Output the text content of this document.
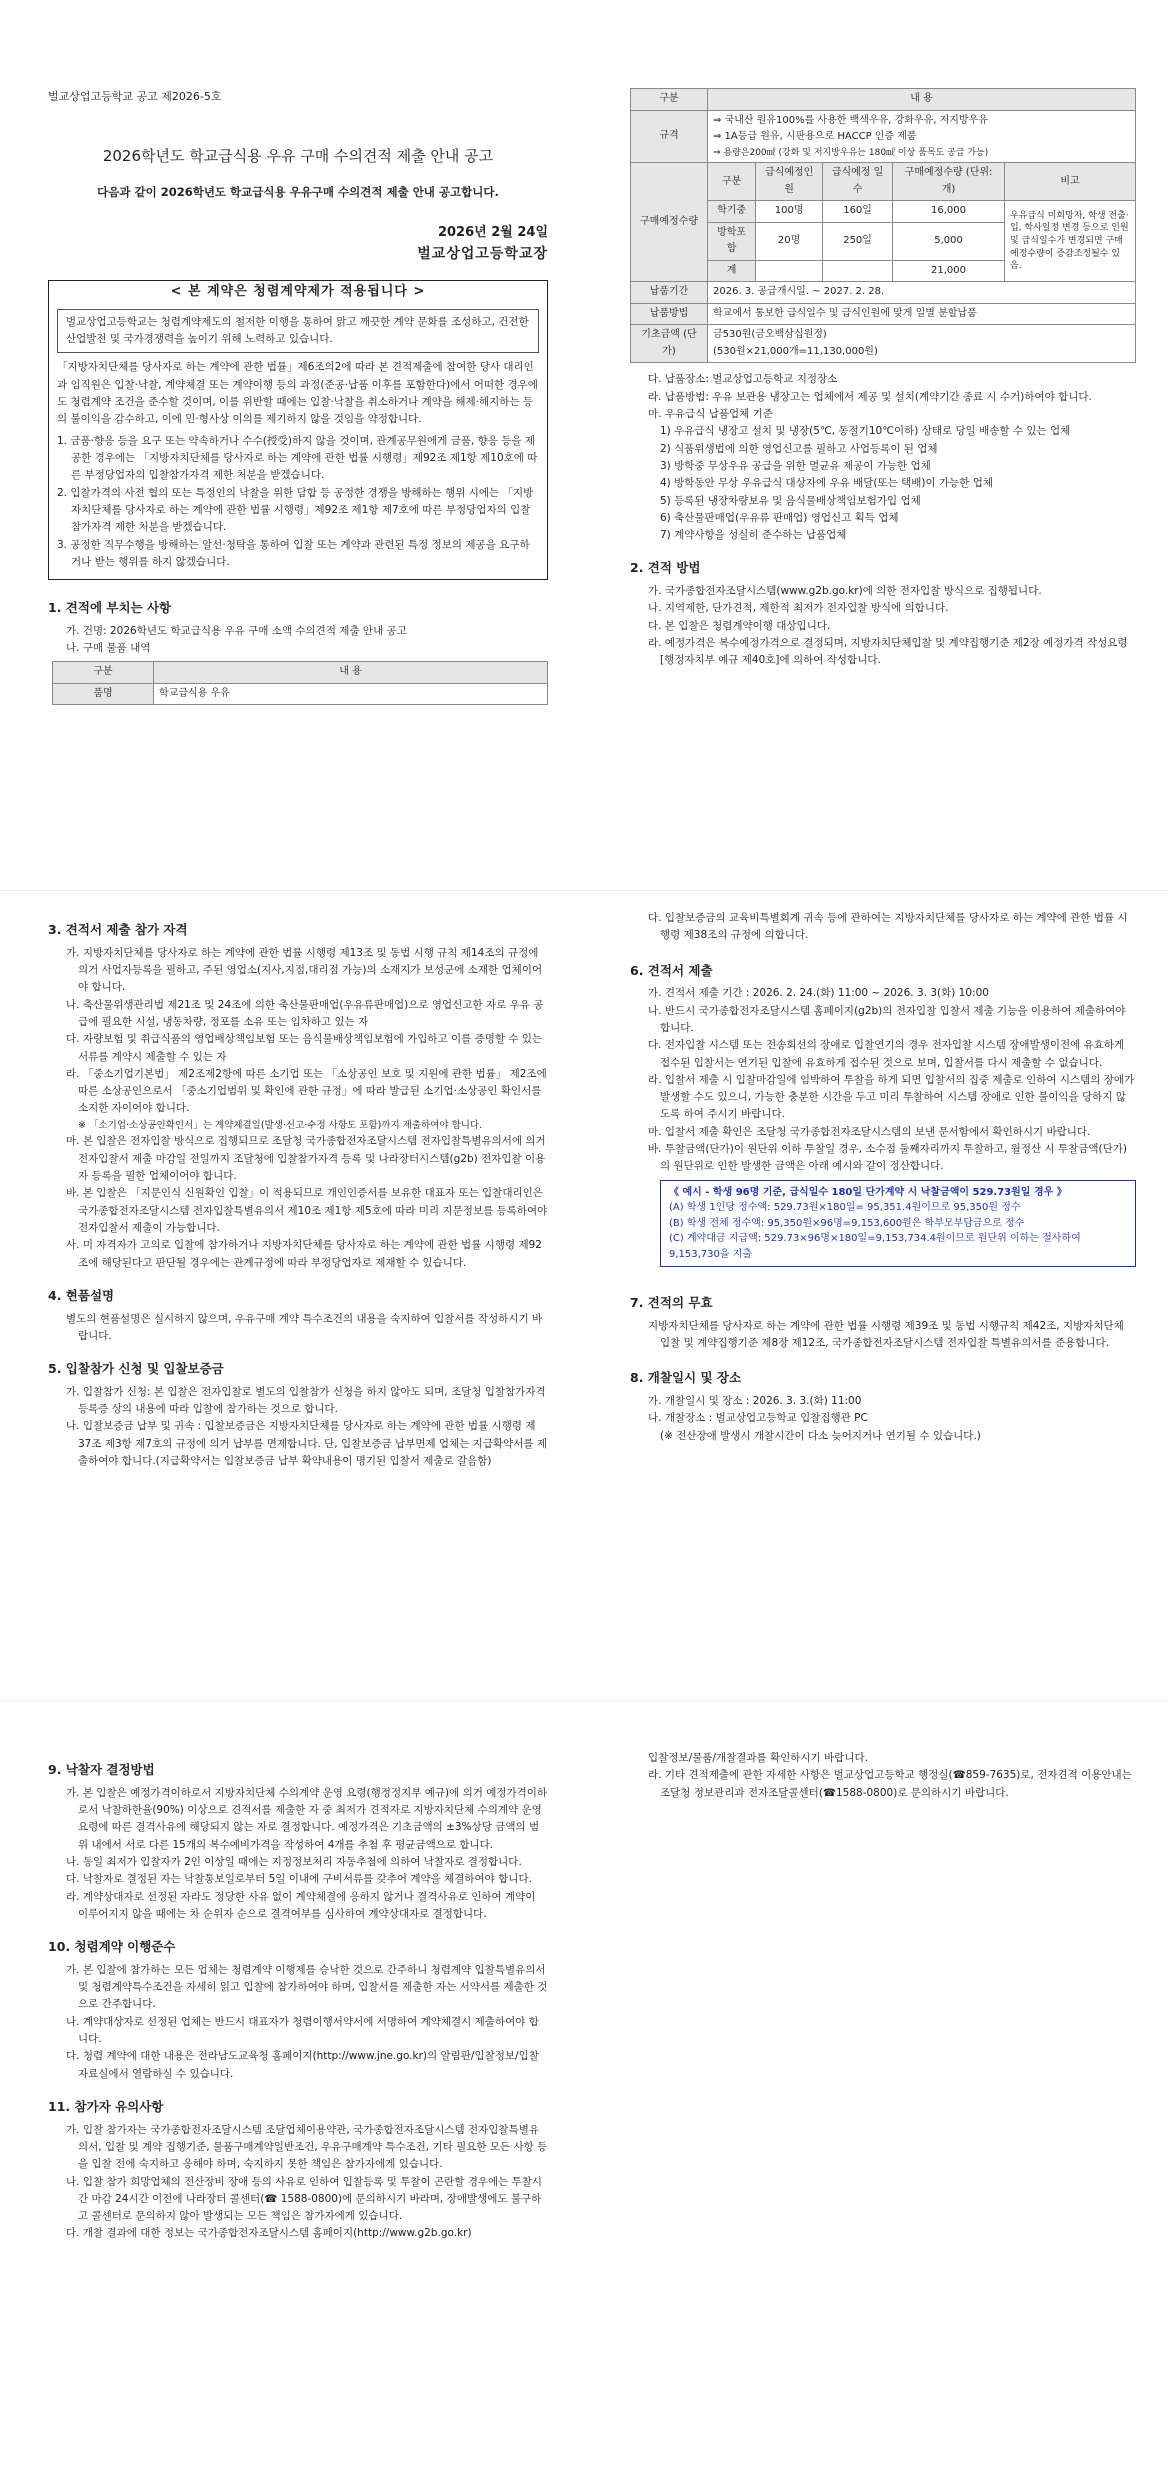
벌교상업고등학교 공고 제2026-5호

2026학년도 학교급식용 우유 구매 수의견적 제출 안내 공고

다음과 같이 2026학년도 학교급식용 우유구매 수의견적 제출 안내 공고합니다.

2026년 2월 24일

벌교상업고등학교장

< 본 계약은 청렴계약제가 적용됩니다 >

벌교상업고등학교는 청렴계약제도의 철저한 이행을 통하여 맑고 깨끗한 계약 문화를 조성하고, 건전한 산업발전 및 국가경쟁력을 높이기 위해 노력하고 있습니다.

「지방자치단체를 당사자로 하는 계약에 관한 법률」제6조의2에 따라 본 견적제출에 참여한 당사 대리인과 임직원은 입찰·낙찰, 계약체결 또는 계약이행 등의 과정(준공·납품 이후를 포함한다)에서 어떠한 경우에도 청렴계약 조건을 준수할 것이며, 이를 위반할 때에는 입찰·낙찰을 취소하거나 계약을 해제·해지하는 등의 불이익을 감수하고, 이에 민·형사상 이의를 제기하지 않을 것임을 약정합니다.

1. 금품·향응 등을 요구 또는 약속하거나 수수(授受)하지 않을 것이며, 관계공무원에게 금품, 향응 등을 제공한 경우에는 「지방자치단체를 당사자로 하는 계약에 관한 법률 시행령」제92조 제1항 제10호에 따른 부정당업자의 입찰참가자격 제한 처분을 받겠습니다.

2. 입찰가격의 사전 협의 또는 특정인의 낙찰을 위한 담합 등 공정한 경쟁을 방해하는 행위 시에는 「지방자치단체를 당사자로 하는 계약에 관한 법률 시행령」제92조 제1항 제7호에 따른 부정당업자의 입찰참가자격 제한 처분을 받겠습니다.

3. 공정한 직무수행을 방해하는 알선·청탁을 통하여 입찰 또는 계약과 관련된 특정 정보의 제공을 요구하거나 받는 행위를 하지 않겠습니다.

1. 견적에 부치는 사항

가. 건명: 2026학년도 학교급식용 우유 구매 소액 수의견적 제출 안내 공고

나. 구매 물품 내역

구분	내 용
품명	학교급식용 우유
구분	내 용				
규격	⇒ 국내산 원유100%를 사용한 백색우유, 강화우유, 저지방우유

⇒ 1A등급 원유, 시판용으로 HACCP 인증 제품

⇒ 용량은200㎖ (강화 및 저지방우유는 180㎖ 이상 품목도 공급 가능)				

구매예정수량	구분	급식예정인원	급식예정 일수	구매예정수량 (단위: 개)	비고
	학기중	100명	160일	16,000	우유급식 미희망자, 학생 전출·입, 학사일정 변경 등으로 인원 및 급식일수가 변경되면 구매예정수량이 증감조정될수 있음.
	방학포함	20명	250일	5,000	
	계			21,000	
납품기간	2026. 3. 공급개시일. ~ 2027. 2. 28.				
납품방법	학교에서 통보한 급식일수 및 급식인원에 맞게 일별 분할납품				
기초금액 (단가)	금530원(금오백삼십원정)

(530원×21,000개=11,130,000원)				

다. 납품장소: 벌교상업고등학교 지정장소

라. 납품방법: 우유 보관용 냉장고는 업체에서 제공 및 설치(계약기간 종료 시 수거)하여야 합니다.

마. 우유급식 납품업체 기준

1) 우유급식 냉장고 설치 및 냉장(5℃, 동절기10℃이하) 상태로 당일 배송할 수 있는 업체

2) 식품위생법에 의한 영업신고를 필하고 사업등록이 된 업체

3) 방학중 무상우유 공급을 위한 멸균유 제공이 가능한 업체

4) 방학동안 무상 우유급식 대상자에 우유 배달(또는 택배)이 가능한 업체

5) 등록된 냉장차량보유 및 음식물배상책임보험가입 업체

6) 축산물판매업(우유류 판매업) 영업신고 획득 업체

7) 계약사항을 성실히 준수하는 납품업체

2. 견적 방법

가. 국가종합전자조달시스템(www.g2b.go.kr)에 의한 전자입찰 방식으로 집행됩니다.

나. 지역제한, 단가견적, 제한적 최저가 전자입찰 방식에 의합니다.

다. 본 입찰은 청렴계약이행 대상입니다.

라. 예정가격은 복수예정가격으로 결정되며, 지방자치단체입찰 및 계약집행기준 제2장 예정가격 작성요령[행정자치부 예규 제40호]에 의하여 작성합니다.

3. 견적서 제출 참가 자격

가. 지방자치단체를 당사자로 하는 계약에 관한 법률 시행령 제13조 및 동법 시행 규칙 제14조의 규정에 의거 사업자등록을 필하고, 주된 영업소(지사,지점,대리점 가능)의 소재지가 보성군에 소재한 업체이어야 합니다.

나. 축산물위생관리법 제21조 및 24조에 의한 축산물판매업(우유류판매업)으로 영업신고한 자로 우유 공급에 필요한 시설, 냉동차량, 정포를 소유 또는 임차하고 있는 자

다. 자량보험 및 취급식품의 영업배상책임보험 또는 음식물배상책임보험에 가입하고 이를 증명할 수 있는 서류를 계약시 제출할 수 있는 자

라. 「중소기업기본법」 제2조제2항에 따른 소기업 또는 「소상공인 보호 및 지원에 관한 법률」 제2조에 따른 소상공인으로서 「중소기업범위 및 확인에 관한 규정」에 따라 발급된 소기업·소상공인 확인서를 소지한 자이어야 합니다.

※ 「소기업·소상공인확인서」는 계약체결일(발생·신고·수정 사항도 포함)까지 제출하여야 합니다.

마. 본 입찰은 전자입찰 방식으로 집행되므로 조달청 국가종합전자조달시스템 전자입찰특별유의서에 의거 전자입찰서 제출 마감일 전일까지 조달청에 입찰참가자격 등록 및 나라장터시스템(g2b) 전자입찰 이용자 등록을 필한 업체이어야 합니다.

바. 본 입찰은 「지문인식 신원확인 입찰」이 적용되므로 개인인증서를 보유한 대표자 또는 입찰대리인은 국가종합전자조달시스템 전자입찰특별유의서 제10조 제1항 제5호에 따라 미리 지문정보를 등록하여야 전자입찰서 제출이 가능합니다.

사. 미 자격자가 고의로 입찰에 참가하거나 지방자치단체를 당사자로 하는 계약에 관한 법률 시행령 제92조에 해당된다고 판단될 경우에는 관계규정에 따라 부정당업자로 제재할 수 있습니다.

4. 현품설명

별도의 현품설명은 실시하지 않으며, 우유구매 계약 특수조건의 내용을 숙지하여 입찰서를 작성하시기 바랍니다.

5. 입찰참가 신청 및 입찰보증금

가. 입찰참가 신청: 본 입찰은 전자입찰로 별도의 입찰참가 신청을 하지 않아도 되며, 조달청 입찰참가자격등록증 상의 내용에 따라 입찰에 참가하는 것으로 합니다.

나. 입찰보증금 납부 및 귀속 : 입찰보증금은 지방자치단체를 당사자로 하는 계약에 관한 법률 시행령 제37조 제3항 제7호의 규정에 의거 납부를 면제합니다. 단, 입찰보증금 납부면제 업체는 지급확약서를 제출하여야 합니다.(지급확약서는 입찰보증금 납부 확약내용이 명기된 입찰서 제출로 갈음함)

다. 입찰보증금의 교육비특별회계 귀속 등에 관하여는 지방자치단체를 당사자로 하는 계약에 관한 법률 시행령 제38조의 규정에 의합니다.

6. 견적서 제출

가. 견적서 제출 기간 : 2026. 2. 24.(화) 11:00 ~ 2026. 3. 3(화) 10:00

나. 반드시 국가종합전자조달시스템 홈페이지(g2b)의 전자입찰 입찰서 제출 기능을 이용하여 제출하여야 합니다.

다. 전자입찰 시스템 또는 전송회선의 장애로 입찰연기의 경우 전자입찰 시스템 장애발생이전에 유효하게 접수된 입찰서는 연기된 입찰에 유효하게 접수된 것으로 보며, 입찰서를 다시 제출할 수 없습니다.

라. 입찰서 제출 시 입찰마감일에 임박하여 투찰을 하게 되면 입찰서의 집중 제출로 인하여 시스템의 장애가 발생할 수도 있으니, 가능한 충분한 시간을 두고 미리 투찰하여 시스템 장애로 인한 불이익을 당하지 않도록 하여 주시기 바랍니다.

마. 입찰서 제출 확인은 조달청 국가종합전자조달시스템의 보낸 문서함에서 확인하시기 바랍니다.

바. 투찰금액(단가)이 원단위 이하 투찰일 경우, 소수점 둘째자리까지 투찰하고, 월정산 시 투찰금액(단가)의 원단위로 인한 발생한 금액은 아래 예시와 같이 정산합니다.

《 예시 - 학생 96명 기준, 급식일수 180일 단가계약 시 낙찰금액이 529.73원일 경우 》

(A) 학생 1인당 정수액: 529.73원×180일= 95,351.4원이므로 95,350원 정수

(B) 학생 전체 정수액: 95,350원×96명=9,153,600원은 학부모부담금으로 정수

(C) 계약대금 지급액: 529.73×96명×180일=9,153,734.4원이므로 원단위 이하는 절사하여 9,153,730을 지출

7. 견적의 무효

지방자치단체를 당사자로 하는 계약에 관한 법률 시행령 제39조 및 동법 시행규칙 제42조, 지방자치단체 입찰 및 계약집행기준 제8장 제12조, 국가종합전자조달시스템 전자입찰 특별유의서를 준용합니다.

8. 개찰일시 및 장소

가. 개찰일시 및 장소 : 2026. 3. 3.(화) 11:00

나. 개찰장소 : 벌교상업고등학교 입찰집행관 PC

(※ 전산장애 발생시 개찰시간이 다소 늦어지거나 연기될 수 있습니다.)

9. 낙찰자 결정방법

가. 본 입찰은 예정가격이하로서 지방자치단체 수의계약 운영 요령(행정정지부 예규)에 의거 예정가격이하로서 낙찰하한율(90%) 이상으로 견적서를 제출한 자 중 최저가 견적자로 지방자치단체 수의계약 운영요령에 따른 결격사유에 해당되지 않는 자로 결정합니다. 예정가격은 기초금액의 ±3%상당 금액의 범위 내에서 서로 다른 15개의 복수예비가격을 작성하여 4개를 추첨 후 평균금액으로 합니다.

나. 동일 최저가 입찰자가 2인 이상일 때에는 지정정보처리 자동추첨에 의하여 낙찰자로 결정합니다.

다. 낙찰자로 결정된 자는 낙찰통보일로부터 5일 이내에 구비서류를 갖추어 계약을 체결하여야 합니다.

라. 계약상대자로 선정된 자라도 정당한 사유 없이 계약체결에 응하지 않거나 결격사유로 인하여 계약이 이루어지지 않을 때에는 차 순위자 순으로 결격여부를 심사하여 계약상대자로 결정합니다.

10. 청렴계약 이행준수

가. 본 입찰에 참가하는 모든 업체는 청렴계약 이행제를 승낙한 것으로 간주하니 청렴계약 입찰특별유의서 및 청렴계약특수조건을 자세히 읽고 입찰에 참가하여야 하며, 입찰서를 제출한 자는 서약서를 제출한 것으로 간주합니다.

나. 계약대상자로 선정된 업체는 반드시 대표자가 청렴이행서약서에 서명하여 계약체결시 제출하여야 합니다.

다. 청렴 계약에 대한 내용은 전라남도교육청 홈페이지(http://www.jne.go.kr)의 알림판/입찰정보/입찰 자료실에서 열람하실 수 있습니다.

11. 참가자 유의사항

가. 입찰 참가자는 국가종합전자조달시스템 조달업체이용약관, 국가종합전자조달시스템 전자입찰특별유의서, 입찰 및 계약 집행기준, 물품구매계약일반조건, 우유구매계약 특수조건, 기타 필요한 모든 사항 등을 입찰 전에 숙지하고 응해야 하며, 숙지하지 못한 책임은 참가자에게 있습니다.

나. 입찰 참가 희망업체의 전산장비 장애 등의 사유로 인하여 입찰등록 및 투찰이 곤란할 경우에는 투찰시간 마감 24시간 이전에 나라장터 콜센터(☎ 1588-0800)에 문의하시기 바라며, 장애발생에도 불구하고 콜센터로 문의하지 않아 발생되는 모든 책임은 참가자에게 있습니다.

다. 개찰 결과에 대한 정보는 국가종합전자조달시스템 홈페이지(http://www.g2b.go.kr)

입찰정보/물품/개찰결과를 확인하시기 바랍니다.

라. 기타 견적제출에 관한 자세한 사항은 벌교상업고등학교 행정실(☎859-7635)로, 전자견적 이용안내는 조달청 정보관리과 전자조달콜센터(☎1588-0800)로 문의하시기 바랍니다.
